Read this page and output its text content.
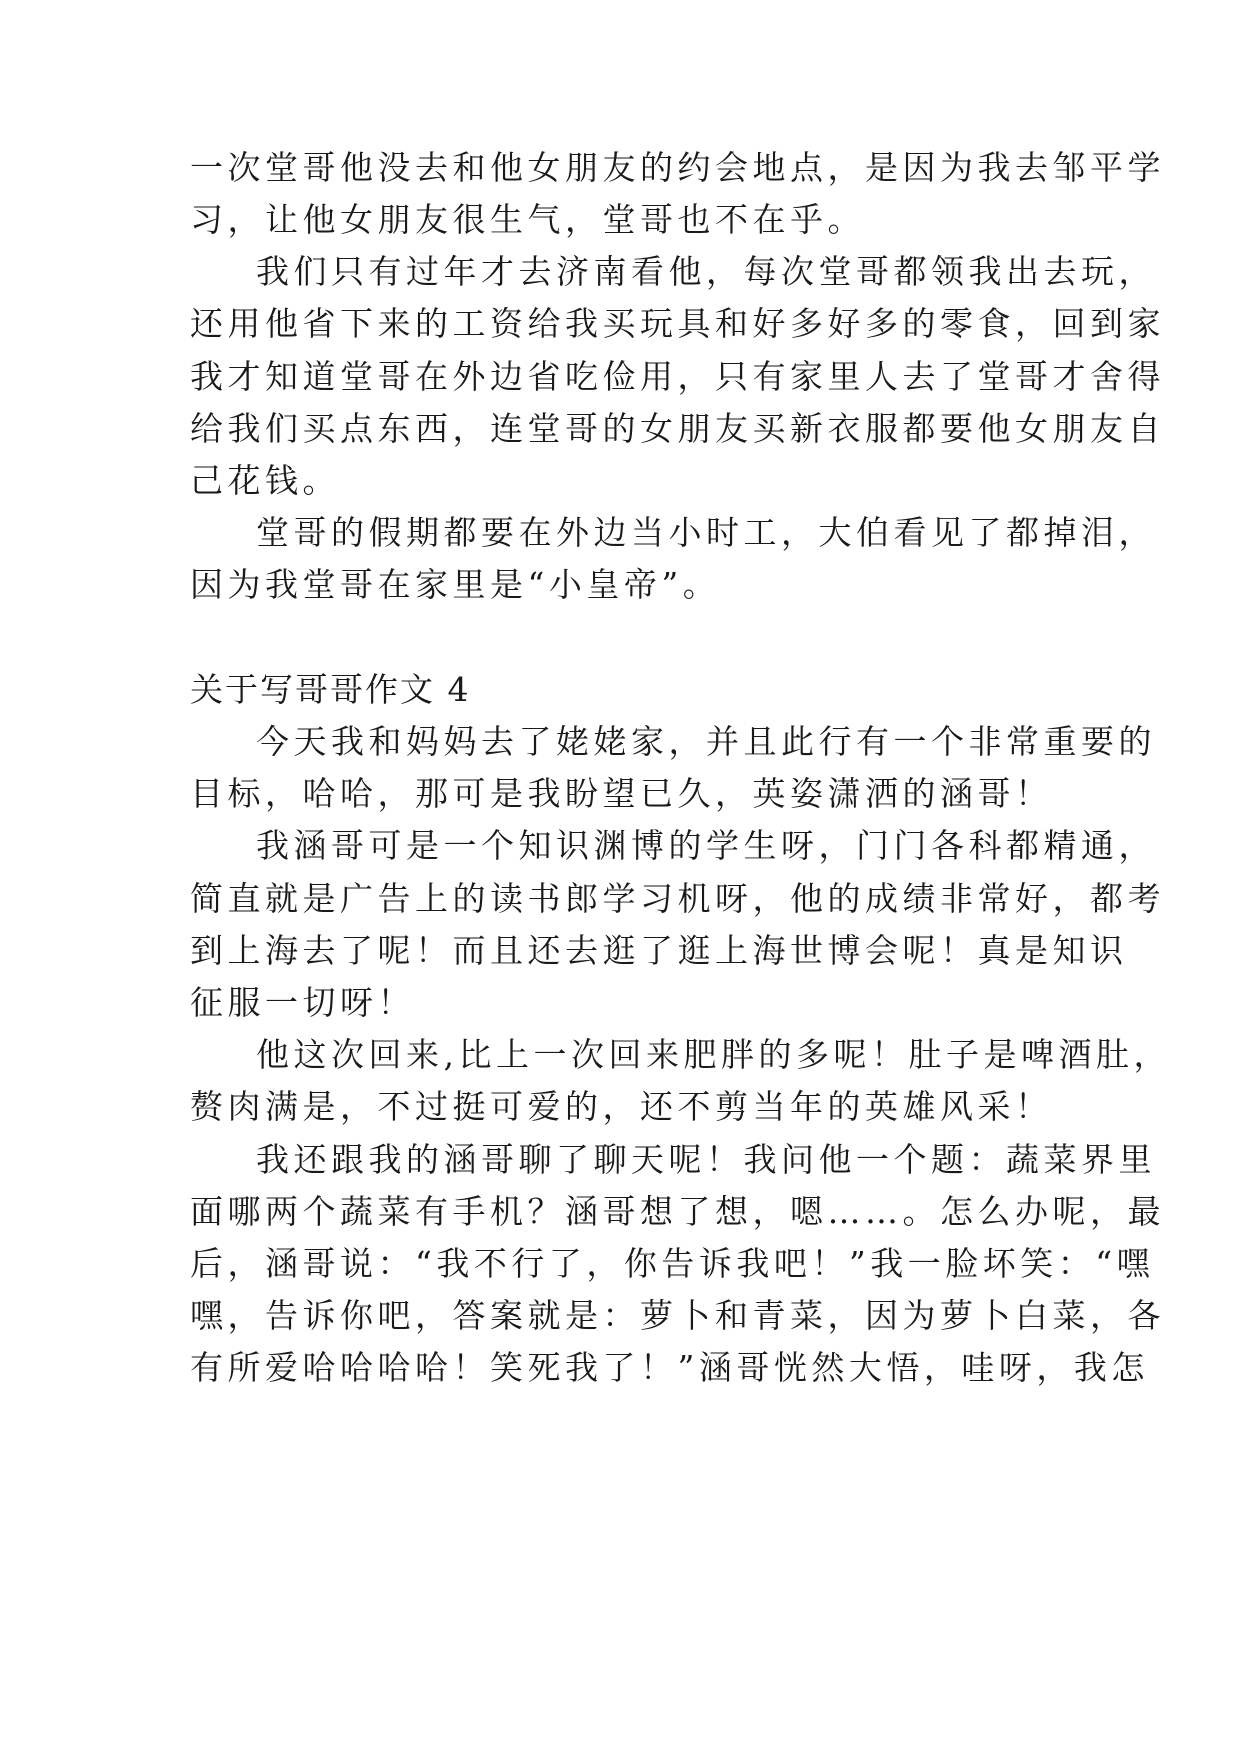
一次堂哥他没去和他女朋友的约会地点，是因为我去邹平学
习，让他女朋友很生气，堂哥也不在乎。
我们只有过年才去济南看他，每次堂哥都领我出去玩，
还用他省下来的工资给我买玩具和好多好多的零食，回到家
我才知道堂哥在外边省吃俭用，只有家里人去了堂哥才舍得
给我们买点东西，连堂哥的女朋友买新衣服都要他女朋友自
己花钱。
堂哥的假期都要在外边当小时工，大伯看见了都掉泪，
因为我堂哥在家里是“小皇帝”。
关于写哥哥作文 4
今天我和妈妈去了姥姥家，并且此行有一个非常重要的
目标，哈哈，那可是我盼望已久，英姿潇洒的涵哥！
我涵哥可是一个知识渊博的学生呀，门门各科都精通，
简直就是广告上的读书郎学习机呀，他的成绩非常好，都考
到上海去了呢！而且还去逛了逛上海世博会呢！真是知识
征服一切呀！
他这次回来,比上一次回来肥胖的多呢！肚子是啤酒肚，
赘肉满是，不过挺可爱的，还不剪当年的英雄风采！
我还跟我的涵哥聊了聊天呢！我问他一个题：蔬菜界里
面哪两个蔬菜有手机？涵哥想了想，嗯……。怎么办呢，最
后，涵哥说：“我不行了，你告诉我吧！”我一脸坏笑：“嘿
嘿，告诉你吧，答案就是：萝卜和青菜，因为萝卜白菜，各
有所爱哈哈哈哈！笑死我了！”涵哥恍然大悟，哇呀，我怎
